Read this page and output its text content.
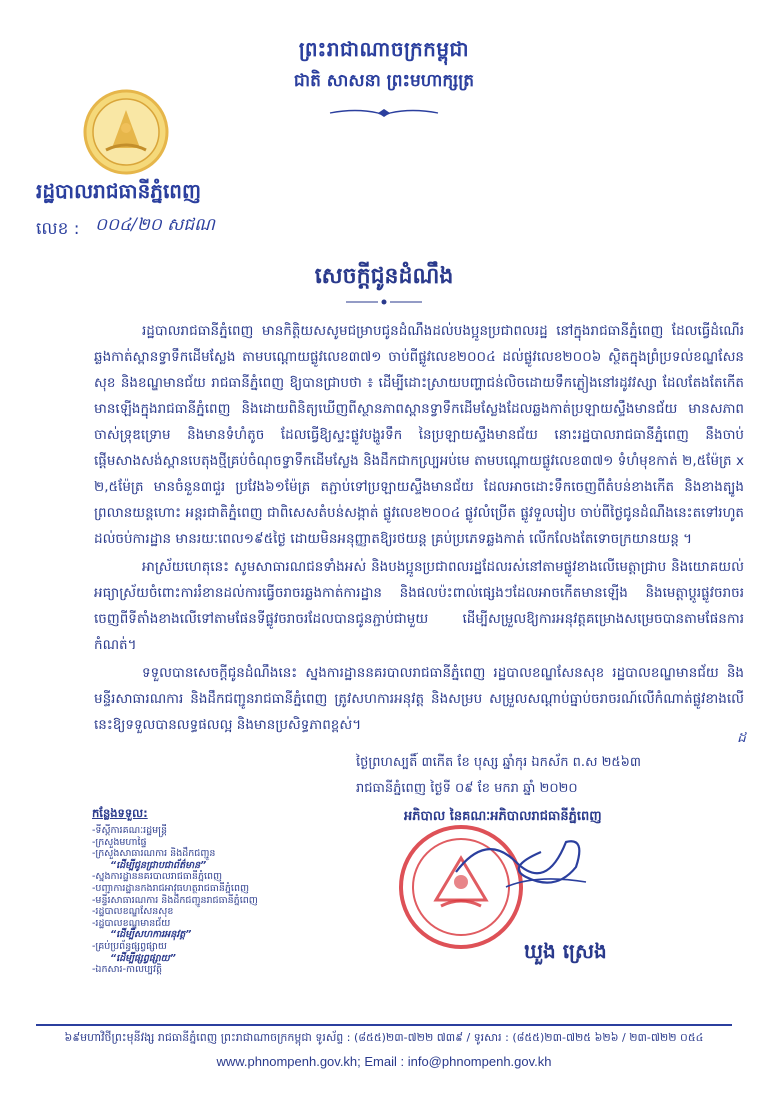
ព្រះរាជាណាចក្រកម្ពុជា
ជាតិ សាសនា ព្រះមហាក្សត្រ
រដ្ឋបាលរាជធានីភ្នំពេញ
លេខ : ០០៤/២០ សជណ
សេចក្ដីជូនដំណឹង

រដ្ឋបាលរាជធានីភ្នំពេញ មានកិត្តិយសសូមជម្រាបជូនដំណឹងដល់បងប្អូនប្រជាពលរដ្ឋ នៅក្នុងរាជធានីភ្នំពេញ ដែលធ្វើដំណើរឆ្លងកាត់ស្ពានទ្វាទឹកដើមស្លែង តាមបណ្ដោយផ្លូវលេខ៣៧១ ចាប់ពីផ្លូវលេខ២០០៤ ដល់ផ្លូវលេខ២០០៦ ស្ថិតក្នុងព្រំប្រទល់ខណ្ឌសែនសុខ និងខណ្ឌមានជ័យ រាជធានីភ្នំពេញ ឱ្យបានជ្រាបថា ៖ ដើម្បីដោះស្រាយបញ្ហាជន់លិចដោយទឹកភ្លៀងនៅរដូវវស្សា ដែលតែងតែកើតមានឡើងក្នុងរាជធានីភ្នំពេញ និងដោយពិនិត្យឃើញពីស្ថានភាពស្ពានទ្វាទឹកដើមស្លែងដែលឆ្លងកាត់ប្រឡាយស្ទឹងមានជ័យ មានសភាពចាស់ទ្រុឌទ្រោម និងមានទំហំតូច ដែលធ្វើឱ្យស្ទះផ្លូវបង្ហូរទឹក នៃប្រឡាយស្ទឹងមានជ័យ នោះរដ្ឋបាលរាជធានីភ្នំពេញ នឹងចាប់ផ្ដើមសាងសង់ស្ពានបេតុងថ្មីគ្រប់ចំណុចទ្វាទឹកដើមស្លែង និងដឹកជាកល្ប្រអប់មេ តាមបណ្ដោយផ្លូវលេខ៣៧១ ទំហំមុខកាត់ ២,៥ម៉ែត្រ x ២,៥ម៉ែត្រ មានចំនួន៣ជួរ ប្រវែង៦១ម៉ែត្រ តភ្ជាប់ទៅប្រឡាយស្ទឹងមានជ័យ ដែលអាចដោះទឹកចេញពីតំបន់ខាងកើត និងខាងត្បូងព្រលានយន្ដហោះ អន្តរជាតិភ្នំពេញ ជាពិសេសតំបន់សង្កាត់ ផ្លូវលេខ២០០៤ ផ្លូវលំប្រើត ផ្លូវទួលរៀប ចាប់ពីថ្ងៃជូនដំណឹងនេះតទៅរហូតដល់ចប់ការដ្ឋាន មានរយៈពេល១៩៥ថ្ងៃ ដោយមិនអនុញ្ញាតឱ្យរថយន្ត គ្រប់ប្រភេទឆ្លងកាត់ លើកលែងតែទោចក្រយានយន្ត ។

អាស្រ័យហេតុនេះ សូមសាធារណជនទាំងអស់ និងបងប្អូនប្រជាពលរដ្ឋដែលរស់នៅតាមផ្លូវខាងលើមេត្តាជ្រាប និងយោគយល់អធ្យាស្រ័យចំពោះការរំខានដល់ការធ្វើចរាចរឆ្លងកាត់ការដ្ឋាន និងផលប៉ះពាល់ផ្សេងៗដែលអាចកើតមានឡើង និងមេត្តាប្តូរផ្លូវចរាចរចេញពីទីតាំងខាងលើទៅតាមផែនទីផ្លូវចរាចរដែលបានជូនភ្ជាប់ជាមួយ ដើម្បីសម្រួលឱ្យការអនុវត្តគម្រោងសម្រេចបានតាមផែនការកំណត់។

ទទួលបានសេចក្ដីជូនដំណឹងនេះ ស្នងការដ្ឋាននគរបាលរាជធានីភ្នំពេញ រដ្ឋបាលខណ្ឌសែនសុខ រដ្ឋបាលខណ្ឌមានជ័យ និងមន្ទីរសាធារណការ និងដឹកជញ្ជូនរាជធានីភ្នំពេញ ត្រូវសហការអនុវត្ត និងសម្រប សម្រួលសណ្ដាប់ធ្នាប់ចរាចរណ៍លើកំណាត់ផ្លូវខាងលើនេះឱ្យទទួលបានលទ្ធផលល្អ និងមានប្រសិទ្ធភាពខ្ពស់។

ដ
ថ្ងៃព្រហស្បតិ៍ ៣កើត ខែ បុស្ស ឆ្នាំកុរ ឯកស័ក ព.ស ២៥៦៣
រាជធានីភ្នំពេញ ថ្ងៃទី ០៩ ខែ មករា ឆ្នាំ ២០២០
អភិបាល នៃគណៈអភិបាលរាជធានីភ្នំពេញ
ឃួង ស្រេង
កន្លែងទទួល:
-ទីស្ដីការគណៈរដ្ឋមន្ត្រី
-ក្រសួងមហាផ្ទៃ
-ក្រសួងសាធារណការ និងដឹកជញ្ជូន
“ដើម្បីជូនជ្រាបជាព័ត៌មាន”
-ស្នងការដ្ឋាននគរបាលរាជធានីភ្នំពេញ
-បញ្ជាការដ្ឋានកងរាជអាវុធហត្ថរាជធានីភ្នំពេញ
-មន្ទីរសាធារណការ និងដឹកជញ្ជូនរាជធានីភ្នំពេញ
-រដ្ឋបាលខណ្ឌសែនសុខ
-រដ្ឋបាលខណ្ឌមានជ័យ
“ដើម្បីសហការអនុវត្ត”
-គ្រប់ប្រព័ន្ធផ្សព្វផ្សាយ
“ដើម្បីផ្សព្វផ្សាយ”
-ឯកសារ-កាលប្បវត្តិ
៦៩មហាវិថីព្រះមុនីវង្ស រាជធានីភ្នំពេញ ព្រះរាជាណាចក្រកម្ពុជា ទូរស័ព្ទ : (៨៥៥)២៣-៧២២ ៧៣៩ / ទូរសារ : (៨៥៥)២៣-៧២៥ ៦២៦ / ២៣-៧២២ ០៥៤
www.phnompenh.gov.kh; Email : info@phnompenh.gov.kh
